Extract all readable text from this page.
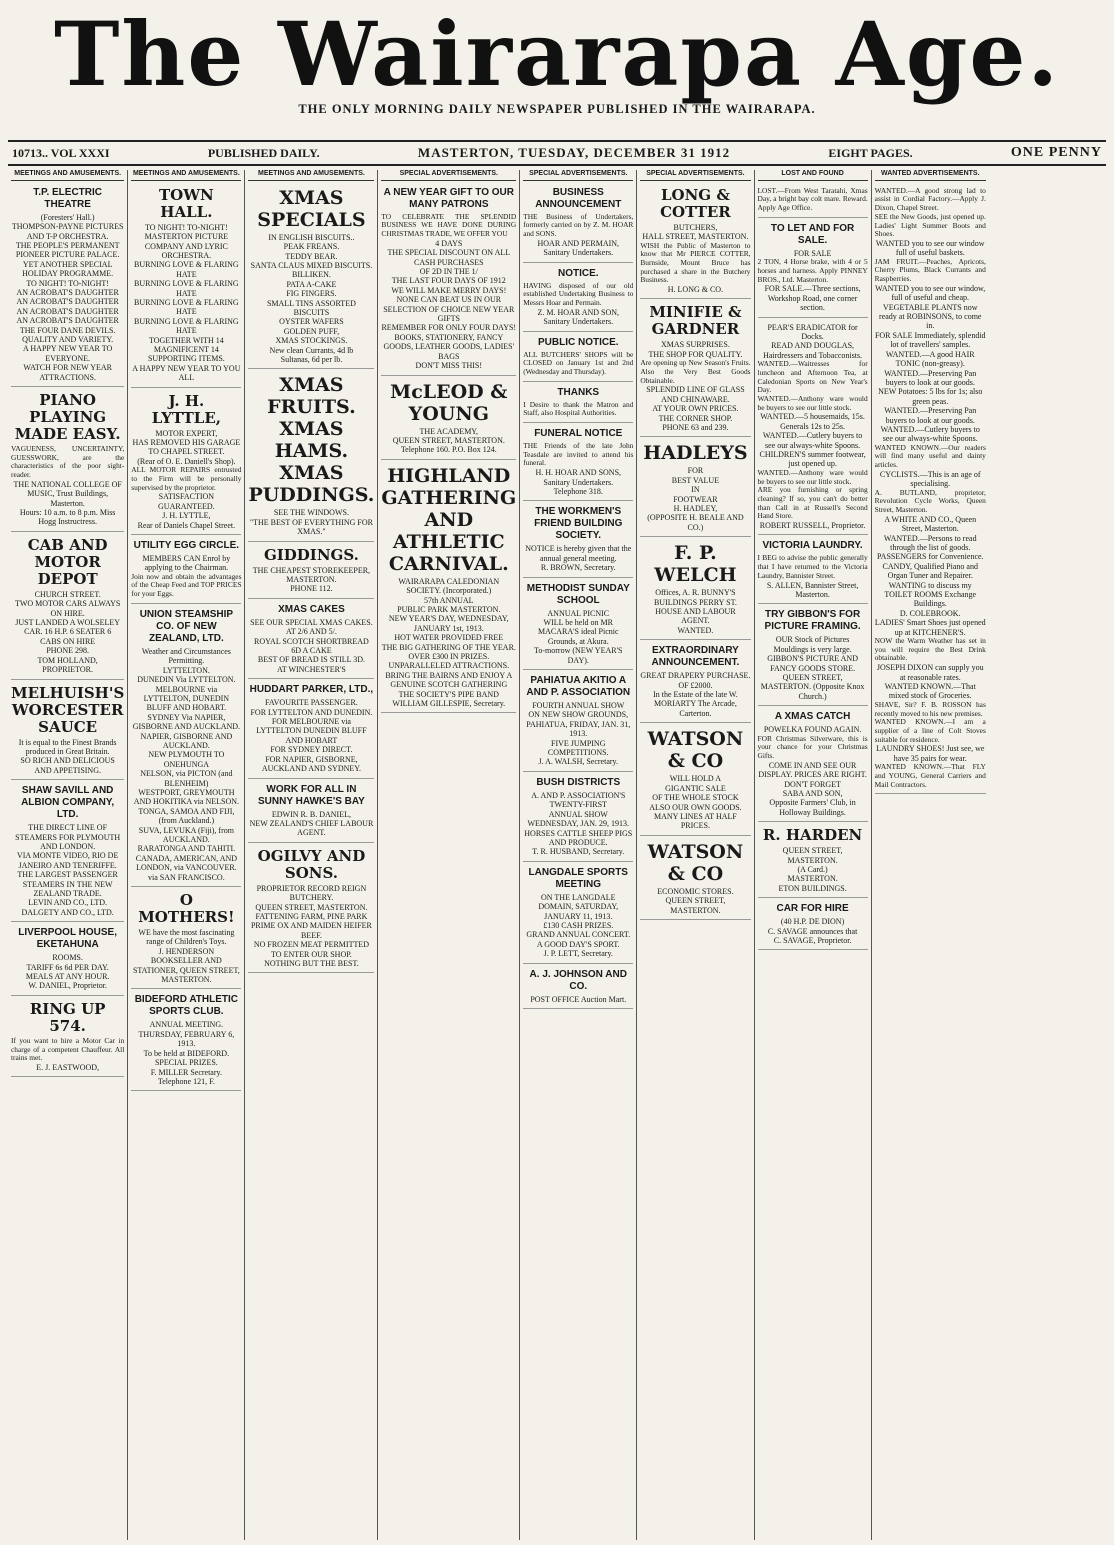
The Wairarapa Age.
THE ONLY MORNING DAILY NEWSPAPER PUBLISHED IN THE WAIRARAPA.
10713.. VOL XXXI	PUBLISHED DAILY.	MASTERTON, TUESDAY, DECEMBER 31 1912	EIGHT PAGES.	ONE PENNY
MEETINGS AND AMUSEMENTS.
T.P. ELECTRIC THEATRE
(Foresters' Hall.)
THOMPSON-PAYNE PICTURES AND T-P ORCHESTRA.
THE PEOPLE'S PERMANENT PIONEER PICTURE PALACE.
YET ANOTHER SPECIAL HOLIDAY PROGRAMME.
TO NIGHT! TO-NIGHT!
AN ACROBAT'S DAUGHTER
AN ACROBAT'S DAUGHTER
AN ACROBAT'S DAUGHTER
AN ACROBAT'S DAUGHTER
THE FOUR DANE DEVILS.
QUALITY AND VARIETY.
A HAPPY NEW YEAR TO EVERYONE.
WATCH FOR NEW YEAR ATTRACTIONS.
PIANO PLAYING MADE EASY.
VAGUENESS, UNCERTAINTY, GUESSWORK, are the characteristics of the poor sight-reader.
THE NATIONAL COLLEGE OF MUSIC, Trust Buildings, Masterton.
Hours: 10 a.m. to 8 p.m. Miss Hogg Instructress.
CAB AND MOTOR DEPOT
CHURCH STREET.
TWO MOTOR CARS ALWAYS ON HIRE.
JUST LANDED A WOLSELEY CAR. 16 H.P. 6 SEATER 6
CABS ON HIRE
PHONE 298.
TOM HOLLAND,
PROPRIETOR.
MELHUISH'S WORCESTER SAUCE
It is equal to the Finest Brands produced in Great Britain.
SO RICH AND DELICIOUS AND APPETISING.
SHAW SAVILL AND ALBION COMPANY, LTD.
THE DIRECT LINE OF STEAMERS FOR PLYMOUTH AND LONDON.
VIA MONTE VIDEO, RIO DE JANEIRO AND TENERIFFE.
THE LARGEST PASSENGER STEAMERS IN THE NEW ZEALAND TRADE.
LEVIN AND CO., LTD. DALGETY AND CO., LTD.
LIVERPOOL HOUSE, EKETAHUNA
ROOMS.
TARIFF 6s 6d PER DAY.
MEALS AT ANY HOUR.
W. DANIEL, Proprietor.
RING UP 574.
If you want to hire a Motor Car in charge of a competent Chauffeur. All trains met.
E. J. EASTWOOD,
MEETINGS AND AMUSEMENTS.
TOWN HALL.
TO NIGHT! TO-NIGHT!
MASTERTON PICTURE COMPANY AND LYRIC ORCHESTRA.
BURNING LOVE & FLARING HATE
BURNING LOVE & FLARING HATE
BURNING LOVE & FLARING HATE
BURNING LOVE & FLARING HATE
TOGETHER WITH 14 MAGNIFICENT 14 SUPPORTING ITEMS.
A HAPPY NEW YEAR TO YOU ALL
J. H. LYTTLE,
MOTOR EXPERT,
HAS REMOVED HIS GARAGE TO CHAPEL STREET.
(Rear of O. E. Daniell's Shop).
ALL MOTOR REPAIRS entrusted to the Firm will be personally supervised by the proprietor.
SATISFACTION GUARANTEED.
J. H. LYTTLE,
Rear of Daniels Chapel Street.
UTILITY EGG CIRCLE.
MEMBERS CAN Enrol by applying to the Chairman.
Join now and obtain the advantages of the Cheap Feed and TOP PRICES for your Eggs.
UNION STEAMSHIP CO. OF NEW ZEALAND, LTD.
Weather and Circumstances Permitting.
LYTTELTON.
DUNEDIN Via LYTTELTON.
MELBOURNE via LYTTELTON, DUNEDIN BLUFF AND HOBART.
SYDNEY Via NAPIER, GISBORNE AND AUCKLAND.
NAPIER, GISBORNE AND AUCKLAND.
NEW PLYMOUTH TO ONEHUNGA
NELSON, via PICTON (and BLENHEIM)
WESTPORT, GREYMOUTH AND HOKITIKA via NELSON.
TONGA, SAMOA AND FIJI, (from Auckland.)
SUVA, LEVUKA (Fiji), from AUCKLAND.
RARATONGA AND TAHITI.
CANADA, AMERICAN, AND LONDON, via VANCOUVER.
via SAN FRANCISCO.
O MOTHERS!
WE have the most fascinating range of Children's Toys.
J. HENDERSON
BOOKSELLER AND STATIONER, QUEEN STREET, MASTERTON.
BIDEFORD ATHLETIC SPORTS CLUB.
ANNUAL MEETING. THURSDAY, FEBRUARY 6, 1913.
To be held at BIDEFORD.
SPECIAL PRIZES.
F. MILLER Secretary.
Telephone 121, F.
MEETINGS AND AMUSEMENTS.
XMAS SPECIALS
IN ENGLISH BISCUITS..
PEAK FREANS.
TEDDY BEAR.
SANTA CLAUS MIXED BISCUITS.
BILLIKEN.
PATA A-CAKE
FIG FINGERS.
SMALL TINS ASSORTED BISCUITS
OYSTER WAFERS
GOLDEN PUFF,
XMAS STOCKINGS.
New clean Currants, 4d lb
Sultanas, 6d per lb.
XMAS FRUITS. XMAS HAMS. XMAS PUDDINGS.
SEE THE WINDOWS.
"THE BEST OF EVERYTHING FOR XMAS."
GIDDINGS.
THE CHEAPEST STOREKEEPER, MASTERTON.
PHONE 112.
XMAS CAKES
SEE OUR SPECIAL XMAS CAKES.
AT 2/6 AND 5/.
ROYAL SCOTCH SHORTBREAD
6D A CAKE
BEST OF BREAD IS STILL 3D.
AT WINCHESTER'S
HUDDART PARKER, LTD.,
FAVOURITE PASSENGER.
FOR LYTTELTON AND DUNEDIN.
FOR MELBOURNE via LYTTELTON DUNEDIN BLUFF AND HOBART
FOR SYDNEY DIRECT.
FOR NAPIER, GISBORNE, AUCKLAND AND SYDNEY.
WORK FOR ALL IN SUNNY HAWKE'S BAY
EDWIN R. B. DANIEL,
NEW ZEALAND'S CHIEF LABOUR AGENT.
OGILVY AND SONS.
PROPRIETOR RECORD REIGN BUTCHERY.
QUEEN STREET, MASTERTON.
FATTENING FARM, PINE PARK
PRIME OX AND MAIDEN HEIFER BEEF.
NO FROZEN MEAT PERMITTED TO ENTER OUR SHOP.
NOTHING BUT THE BEST.
SPECIAL ADVERTISEMENTS.
A NEW YEAR GIFT TO OUR MANY PATRONS
TO CELEBRATE THE SPLENDID BUSINESS WE HAVE DONE DURING CHRISTMAS TRADE, WE OFFER YOU
4 DAYS
THE SPECIAL DISCOUNT ON ALL CASH PURCHASES
OF 2D IN THE 1/
THE LAST FOUR DAYS OF 1912
WE WILL MAKE MERRY DAYS!
NONE CAN BEAT US IN OUR SELECTION OF CHOICE NEW YEAR GIFTS
REMEMBER FOR ONLY FOUR DAYS!
BOOKS, STATIONERY, FANCY GOODS, LEATHER GOODS, LADIES' BAGS
DON'T MISS THIS!
McLEOD & YOUNG
THE ACADEMY,
QUEEN STREET, MASTERTON.
Telephone 160. P.O. Box 124.
HIGHLAND GATHERING AND ATHLETIC CARNIVAL.
WAIRARAPA CALEDONIAN SOCIETY. (Incorporated.)
57th ANNUAL
PUBLIC PARK MASTERTON.
NEW YEAR'S DAY, WEDNESDAY, JANUARY 1st, 1913.
HOT WATER PROVIDED FREE
THE BIG GATHERING OF THE YEAR.
OVER £300 IN PRIZES.
UNPARALLELED ATTRACTIONS.
BRING THE BAIRNS AND ENJOY A GENUINE SCOTCH GATHERING
THE SOCIETY'S PIPE BAND
WILLIAM GILLESPIE, Secretary.
SPECIAL ADVERTISEMENTS.
BUSINESS ANNOUNCEMENT
THE Business of Undertakers, formerly carried on by Z. M. HOAR and SONS.
HOAR AND PERMAIN, Sanitary Undertakers.
NOTICE.
HAVING disposed of our old established Undertaking Business to Messrs Hoar and Permain.
Z. M. HOAR AND SON, Sanitary Undertakers.
PUBLIC NOTICE.
ALL BUTCHERS' SHOPS will be CLOSED on January 1st and 2nd (Wednesday and Thursday).
THANKS
I Desire to thank the Matron and Staff, also Hospital Authorities.
FUNERAL NOTICE
THE Friends of the late John Teasdale are invited to attend his funeral.
H. H. HOAR AND SONS, Sanitary Undertakers.
Telephone 318.
THE WORKMEN'S FRIEND BUILDING SOCIETY.
NOTICE is hereby given that the annual general meeting.
R. BROWN, Secretary.
METHODIST SUNDAY SCHOOL
ANNUAL PICNIC
WILL be held on MR MACARA'S ideal Picnic Grounds, at Akura.
To-morrow (NEW YEAR'S DAY).
PAHIATUA AKITIO A AND P. ASSOCIATION
FOURTH ANNUAL SHOW
ON NEW SHOW GROUNDS, PAHIATUA, FRIDAY, JAN. 31, 1913.
FIVE JUMPING COMPETITIONS.
J. A. WALSH, Secretary.
BUSH DISTRICTS
A. AND P. ASSOCIATION'S
TWENTY-FIRST
ANNUAL SHOW
WEDNESDAY, JAN. 29, 1913.
HORSES CATTLE SHEEP PIGS AND PRODUCE.
T. R. HUSBAND, Secretary.
LANGDALE SPORTS MEETING
ON THE LANGDALE DOMAIN, SATURDAY, JANUARY 11, 1913.
£130 CASH PRIZES.
GRAND ANNUAL CONCERT.
A GOOD DAY'S SPORT.
J. P. LETT, Secretary.
A. J. JOHNSON AND CO.
POST OFFICE Auction Mart.
SPECIAL ADVERTISEMENTS.
LONG & COTTER
BUTCHERS,
HALL STREET, MASTERTON.
WISH the Public of Masterton to know that Mr PIERCE COTTER, Burnside, Mount Bruce has purchased a share in the Butchery Business.
H. LONG & CO.
MINIFIE & GARDNER
XMAS SURPRISES.
THE SHOP FOR QUALITY.
Are opening up New Season's Fruits. Also the Very Best Goods Obtainable.
SPLENDID LINE OF GLASS AND CHINAWARE.
AT YOUR OWN PRICES.
THE CORNER SHOP.
PHONE 63 and 239.
HADLEYS
FOR
BEST VALUE
IN
FOOTWEAR
H. HADLEY,
(OPPOSITE H. BEALE AND CO.)
F. P. WELCH
Offices, A. R. BUNNY'S BUILDINGS PERRY ST.
HOUSE AND LABOUR AGENT.
WANTED.
EXTRAORDINARY ANNOUNCEMENT.
GREAT DRAPERY PURCHASE. OF £2000.
In the Estate of the late W. MORIARTY The Arcade, Carterton.
WATSON & CO
WILL HOLD A
GIGANTIC SALE
OF THE WHOLE STOCK
ALSO OUR OWN GOODS. MANY LINES AT HALF PRICES.
WATSON & CO
ECONOMIC STORES.
QUEEN STREET, MASTERTON.
LOST AND FOUND
LOST.—From West Taratahi, Xmas Day, a bright bay colt mare. Reward. Apply Age Office.
TO LET AND FOR SALE.
FOR SALE
2 TON, 4 Horse brake, with 4 or 5 horses and harness. Apply PINNEY BROS., Ltd. Masterton.
FOR SALE.—Three sections, Workshop Road, one corner section.
PEAR'S ERADICATOR for Docks.
READ AND DOUGLAS, Hairdressers and Tobacconists.
WANTED.—Waitresses for luncheon and Afternoon Tea, at Caledonian Sports on New Year's Day.
WANTED.—Anthony ware would be buyers to see our little stock.
WANTED.—5 housemaids, 15s. Generals 12s to 25s.
WANTED.—Cutlery buyers to see our always-white Spoons.
CHILDREN'S summer footwear, just opened up.
WANTED.—Anthony ware would be buyers to see our little stock.
ARE you furnishing or spring cleaning? If so, you can't do better than Call in at Russell's Second Hand Store.
ROBERT RUSSELL, Proprietor.
VICTORIA LAUNDRY.
I BEG to advise the public generally that I have returned to the Victoria Laundry, Bannister Street.
S. ALLEN, Bannister Street, Masterton.
TRY GIBBON'S FOR PICTURE FRAMING.
OUR Stock of Pictures Mouldings is very large.
GIBBON'S PICTURE AND FANCY GOODS STORE.
QUEEN STREET, MASTERTON. (Opposite Knox Church.)
A XMAS CATCH
POWELKA FOUND AGAIN.
FOR Christmas Silverware, this is your chance for your Christmas Gifts.
COME IN AND SEE OUR DISPLAY. PRICES ARE RIGHT.
DON'T FORGET
SABA AND SON,
Opposite Farmers' Club, in Holloway Buildings.
R. HARDEN
QUEEN STREET, MASTERTON.
(A Card.)
MASTERTON.
ETON BUILDINGS.
CAR FOR HIRE
(40 H.P. DE DION)
C. SAVAGE announces that
C. SAVAGE, Proprietor.
WANTED ADVERTISEMENTS.
WANTED.—A good strong lad to assist in Cordial Factory.—Apply J. Dixon, Chapel Street.
SEE the New Goods, just opened up. Ladies' Light Summer Boots and Shoes.
WANTED you to see our window full of useful baskets.
JAM FRUIT.—Peaches, Apricots, Cherry Plums, Black Currants and Raspberries.
WANTED you to see our window, full of useful and cheap.
VEGETABLE PLANTS now ready at ROBINSONS, to come in.
FOR SALE Immediately, splendid lot of travellers' samples.
WANTED.—A good HAIR TONIC (non-greasy).
WANTED.—Preserving Pan buyers to look at our goods.
NEW Potatoes: 5 lbs for 1s; also green peas.
WANTED.—Preserving Pan buyers to look at our goods.
WANTED.—Cutlery buyers to see our always-white Spoons.
WANTED KNOWN.—Our readers will find many useful and dainty articles.
CYCLISTS.—This is an age of specialising.
A. BUTLAND, proprietor, Revolution Cycle Works, Queen Street, Masterton.
A WHITE AND CO., Queen Street, Masterton.
WANTED.—Persons to read through the list of goods.
PASSENGERS for Convenience.
CANDY, Qualified Piano and Organ Tuner and Repairer.
WANTING to discuss my TOILET ROOMS Exchange Buildings.
D. COLEBROOK.
LADIES' Smart Shoes just opened up at KITCHENER'S.
NOW the Warm Weather has set in you will require the Best Drink obtainable.
JOSEPH DIXON can supply you at reasonable rates.
WANTED KNOWN.—That mixed stock of Groceries.
SHAVE, Sir? F. B. ROSSON has recently moved to his new premises.
WANTED KNOWN.—I am a supplier of a line of Colt Stoves suitable for residence.
LAUNDRY SHOES! Just see, we have 35 pairs for wear.
WANTED KNOWN.—That FLY and YOUNG, General Carriers and Mail Contractors.
